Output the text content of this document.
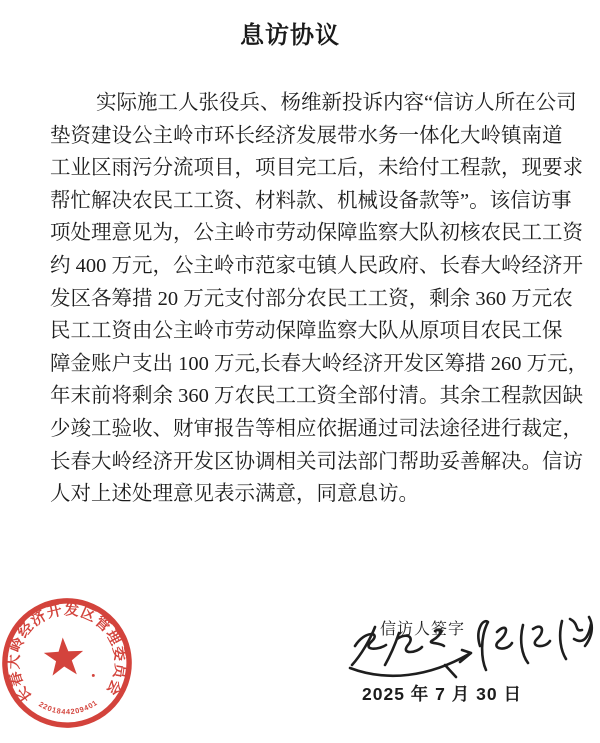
息访协议
实际施工人张役兵、杨维新投诉内容“信访人所在公司
垫资建设公主岭市环长经济发展带水务一体化大岭镇南道
工业区雨污分流项目，项目完工后，未给付工程款，现要求
帮忙解决农民工工资、材料款、机械设备款等”。该信访事
项处理意见为，公主岭市劳动保障监察大队初核农民工工资
约 400 万元，公主岭市范家屯镇人民政府、长春大岭经济开
发区各筹措 20 万元支付部分农民工工资，剩余 360 万元农
民工工资由公主岭市劳动保障监察大队从原项目农民工保
障金账户支出 100 万元,长春大岭经济开发区筹措 260 万元，
年末前将剩余 360 万农民工工资全部付清。其余工程款因缺
少竣工验收、财审报告等相应依据通过司法途径进行裁定，
长春大岭经济开发区协调相关司法部门帮助妥善解决。信访
人对上述处理意见表示满意，同意息访。
长春大岭经济开发区管理委员会
2201844209401
信访人签字
2025 年 7 月 30 日
